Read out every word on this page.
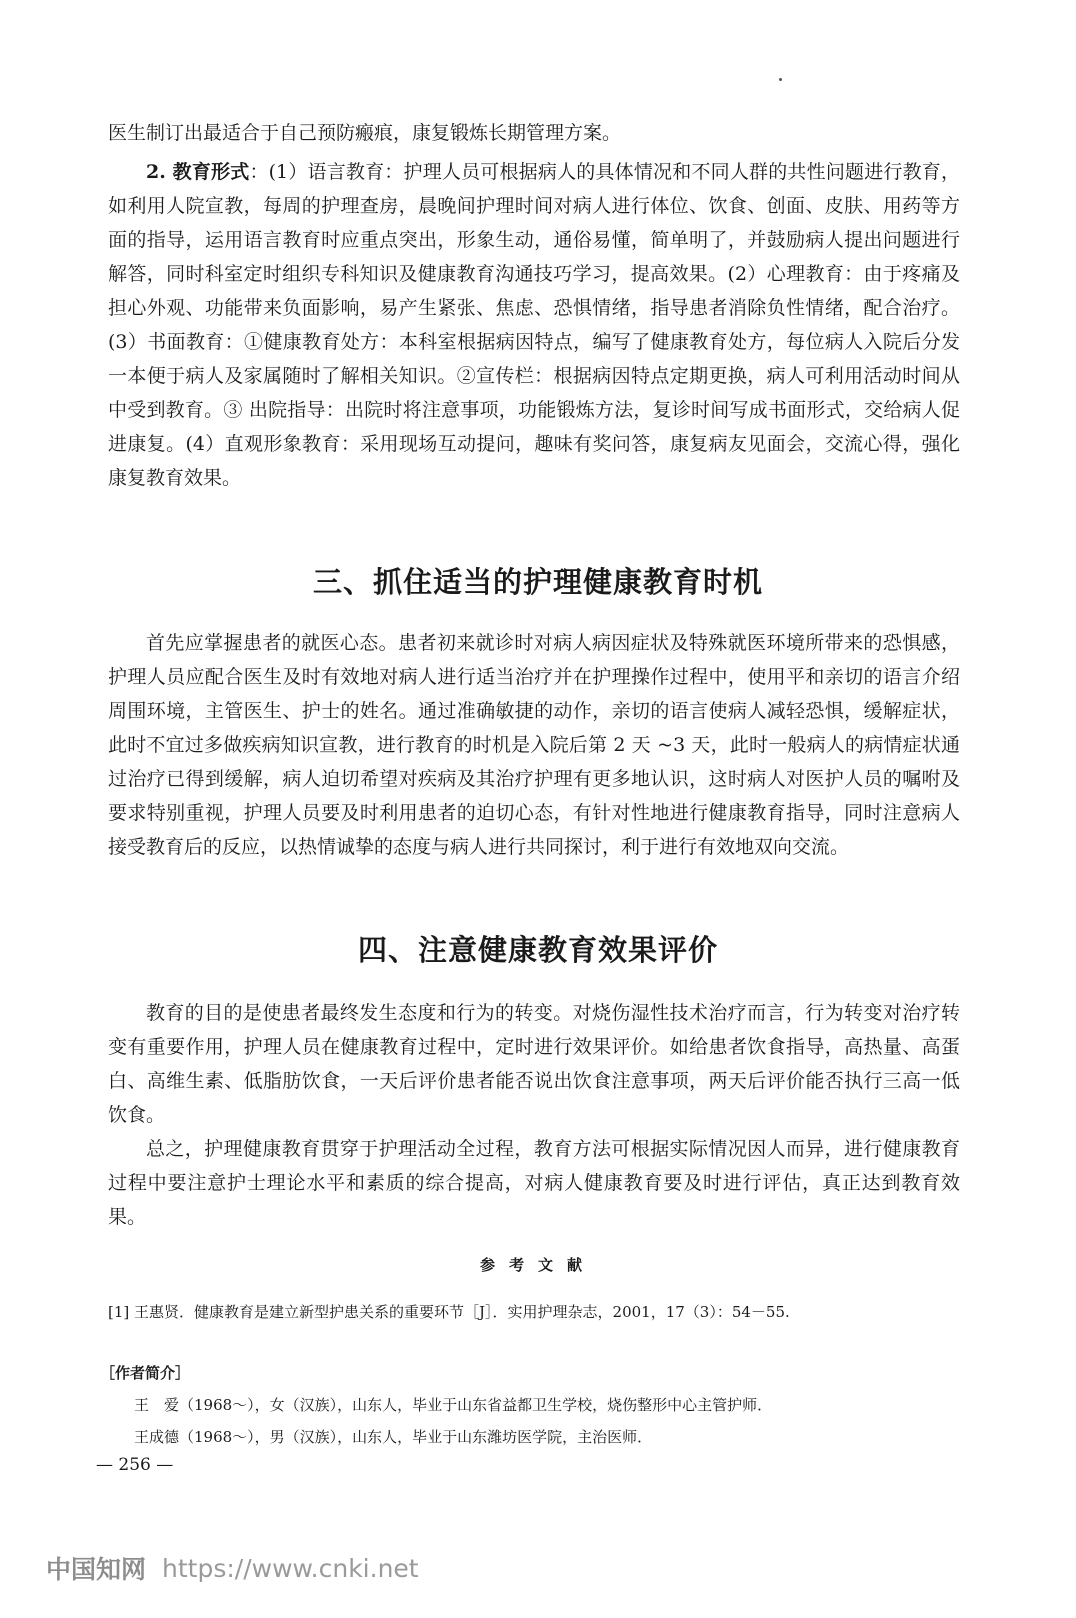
医生制订出最适合于自己预防瘢痕，康复锻炼长期管理方案。

2. 教育形式：(1）语言教育：护理人员可根据病人的具体情况和不同人群的共性问题进行教育，如利用人院宣教，每周的护理查房，晨晚间护理时间对病人进行体位、饮食、创面、皮肤、用药等方面的指导，运用语言教育时应重点突出，形象生动，通俗易懂，简单明了，并鼓励病人提出问题进行解答，同时科室定时组织专科知识及健康教育沟通技巧学习，提高效果。(2）心理教育：由于疼痛及担心外观、功能带来负面影响，易产生紧张、焦虑、恐惧情绪，指导患者消除负性情绪，配合治疗。(3）书面教育：①健康教育处方：本科室根据病因特点，编写了健康教育处方，每位病人入院后分发一本便于病人及家属随时了解相关知识。②宣传栏：根据病因特点定期更换，病人可利用活动时间从中受到教育。③ 出院指导：出院时将注意事项，功能锻炼方法，复诊时间写成书面形式，交给病人促进康复。(4）直观形象教育：采用现场互动提问，趣味有奖问答，康复病友见面会，交流心得，强化康复教育效果。

三、抓住适当的护理健康教育时机

首先应掌握患者的就医心态。患者初来就诊时对病人病因症状及特殊就医环境所带来的恐惧感，护理人员应配合医生及时有效地对病人进行适当治疗并在护理操作过程中，使用平和亲切的语言介绍周围环境，主管医生、护士的姓名。通过准确敏捷的动作，亲切的语言使病人减轻恐惧，缓解症状，此时不宜过多做疾病知识宣教，进行教育的时机是入院后第 2 天 ~3 天，此时一般病人的病情症状通过治疗已得到缓解，病人迫切希望对疾病及其治疗护理有更多地认识，这时病人对医护人员的嘱咐及要求特别重视，护理人员要及时利用患者的迫切心态，有针对性地进行健康教育指导，同时注意病人接受教育后的反应，以热情诚挚的态度与病人进行共同探讨，利于进行有效地双向交流。

四、注意健康教育效果评价

教育的目的是使患者最终发生态度和行为的转变。对烧伤湿性技术治疗而言，行为转变对治疗转变有重要作用，护理人员在健康教育过程中，定时进行效果评价。如给患者饮食指导，高热量、高蛋白、高维生素、低脂肪饮食，一天后评价患者能否说出饮食注意事项，两天后评价能否执行三高一低饮食。

总之，护理健康教育贯穿于护理活动全过程，教育方法可根据实际情况因人而异，进行健康教育过程中要注意护士理论水平和素质的综合提高，对病人健康教育要及时进行评估，真正达到教育效果。

参考文献

[1] 王惠贤．健康教育是建立新型护患关系的重要环节［J］．实用护理杂志，2001，17（3）：54－55.

［作者简介］

王　爱（1968～），女（汉族），山东人，毕业于山东省益都卫生学校，烧伤整形中心主管护师．

王成德（1968～），男（汉族），山东人，毕业于山东潍坊医学院，主治医师．

— 256 —

中国知网 https://www.cnki.net
